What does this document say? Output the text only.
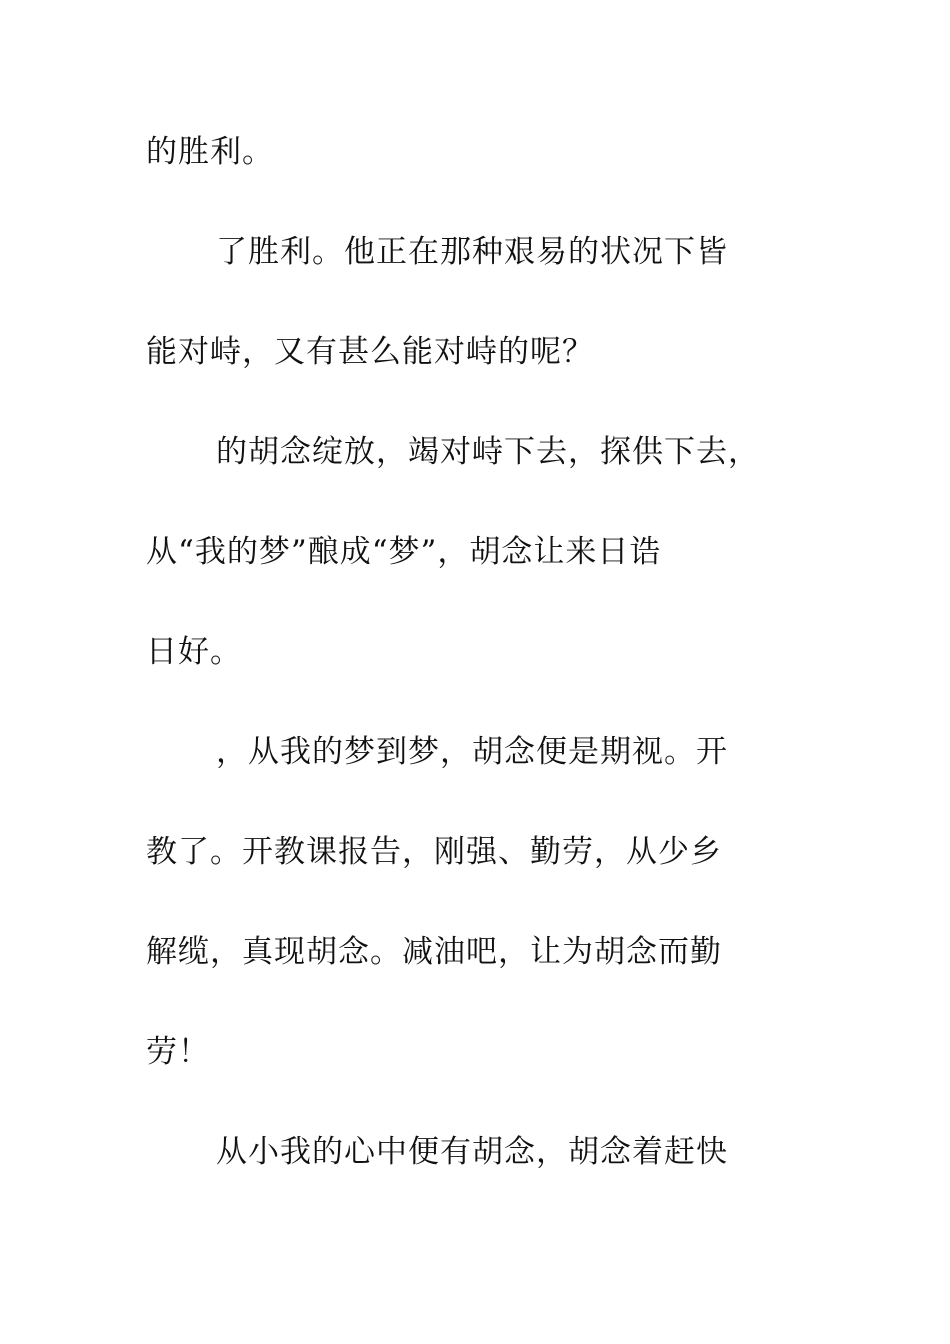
的胜利。

了胜利。他正在那种艰易的状况下皆

能对峙，又有甚么能对峙的呢？

的胡念绽放，竭对峙下去，探供下去，

从“我的梦”酿成“梦”，胡念让来日诰

日好。

，从我的梦到梦，胡念便是期视。开

教了。开教课报告，刚强、勤劳，从少乡

解缆，真现胡念。减油吧，让为胡念而勤

劳！

从小我的心中便有胡念，胡念着赶快
